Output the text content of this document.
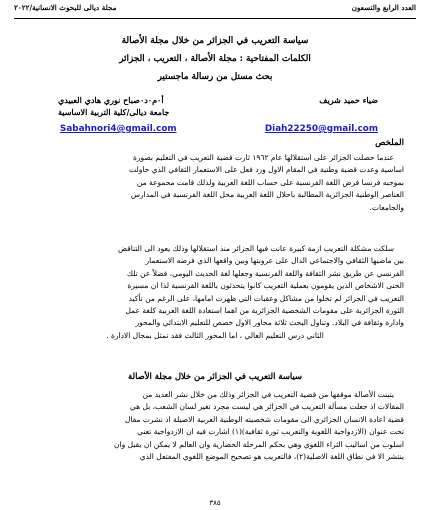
العدد الرابع والتسعون
مجلة ديالى للبحوث الانسانية/٢٠٢٢
سياسة التعريب في الجزائر من خلال مجلة الأصالة
الكلمات المفتاحية : مجلة الأصالة ، التعريب ، الجزائر
بحث مستل من رسالة ماجستير
ضياء حميد شريف
أ٠م٠د٠صباح نوري هادي العبيدي
جامعة ديالى/كلية التربية الاساسية
Sabahnori4@gmail.com	Diah22250@gmail.com
الملخص
عندما حصلت الجزائر على استقلالها عام ١٩٦٢ ثارت قضية التعريب في التعليم بصورة
اساسية وعدت قضية وطنية في المقام الاول ورد فعل على الاستعمار الثقافي الذي حاولت
بموجبه فرنسا فرض اللغة الفرنسية على حساب اللغة العربية ولذلك قامت مجموعة من
العناصر الوطنية الجزائرية المطالبة باحلال اللغة العربية محل اللغة الفرنسية في المدارس
والجامعات.
سلكت مشكلة التعريب ازمة كبيرة عانت فيها الجزائر منذ استقلالها وذلك يعود الى التناقض
بين ماضيها الثقافي والاجتماعي الدال على عروبتها وبين واقعها الذي فرضه الاستعمار
الفرنسي عن طريق نشر الثقافة واللغة الفرنسية وجعلها لغة الحديث اليومي، فضلاً عن تلك
الحنى الاشخاص الذين يقومون بعملية التعريب كانوا يتحدثون باللغة الفرنسية لذا ان مسيرة
التعريب في الجزائر لم تخلوا من مشاكل وعقبات التي ظهرت امامها، على الرغم من تأكيد
الثورة الجزائرية على مقومات الشخصية الجزائرية من اهما استعادة اللغة العربية كلغة عمل
وادارة وثقافة في البلاد. وتناول البحث ثلاثة محاور الاول خصص للتعليم الابتدائي والمحور
الثاني درس التعليم العالي ، اما المحور الثالث فقد تمثل بمجال الادارة .
سياسة التعريب في الجزائر من خلال مجلة الأصالة
يتبنت الأصالة موقفها من قضية التعريب في الجزائر وذلك من خلال نشر العديد من
المقالات اذ جعلت مسألة التعريب في الجزائر هي ليست مجرد تغير لسان الشعب، بل هي
قضية اعادة الانسان الجزائري الى مقومات شخصيته الوطنية العربية الاصيلة اذ نشرت مقال
تحت عنوان (الازدواجية اللغوية والتعريب ثورة ثقافية)(١) اشارت فيه ان الازدواجية تعني
اسلوب من اساليب الثراء اللغوي وهي بحكم المرحلة الحضارية وان العالم لا يمكن ان يقبل وان
ينتشر الا في نطاق اللغة الاصلية(٢)، فالتعريب هو تصحيح الموضع اللغوي المفتعل الذي
٣٨٥
